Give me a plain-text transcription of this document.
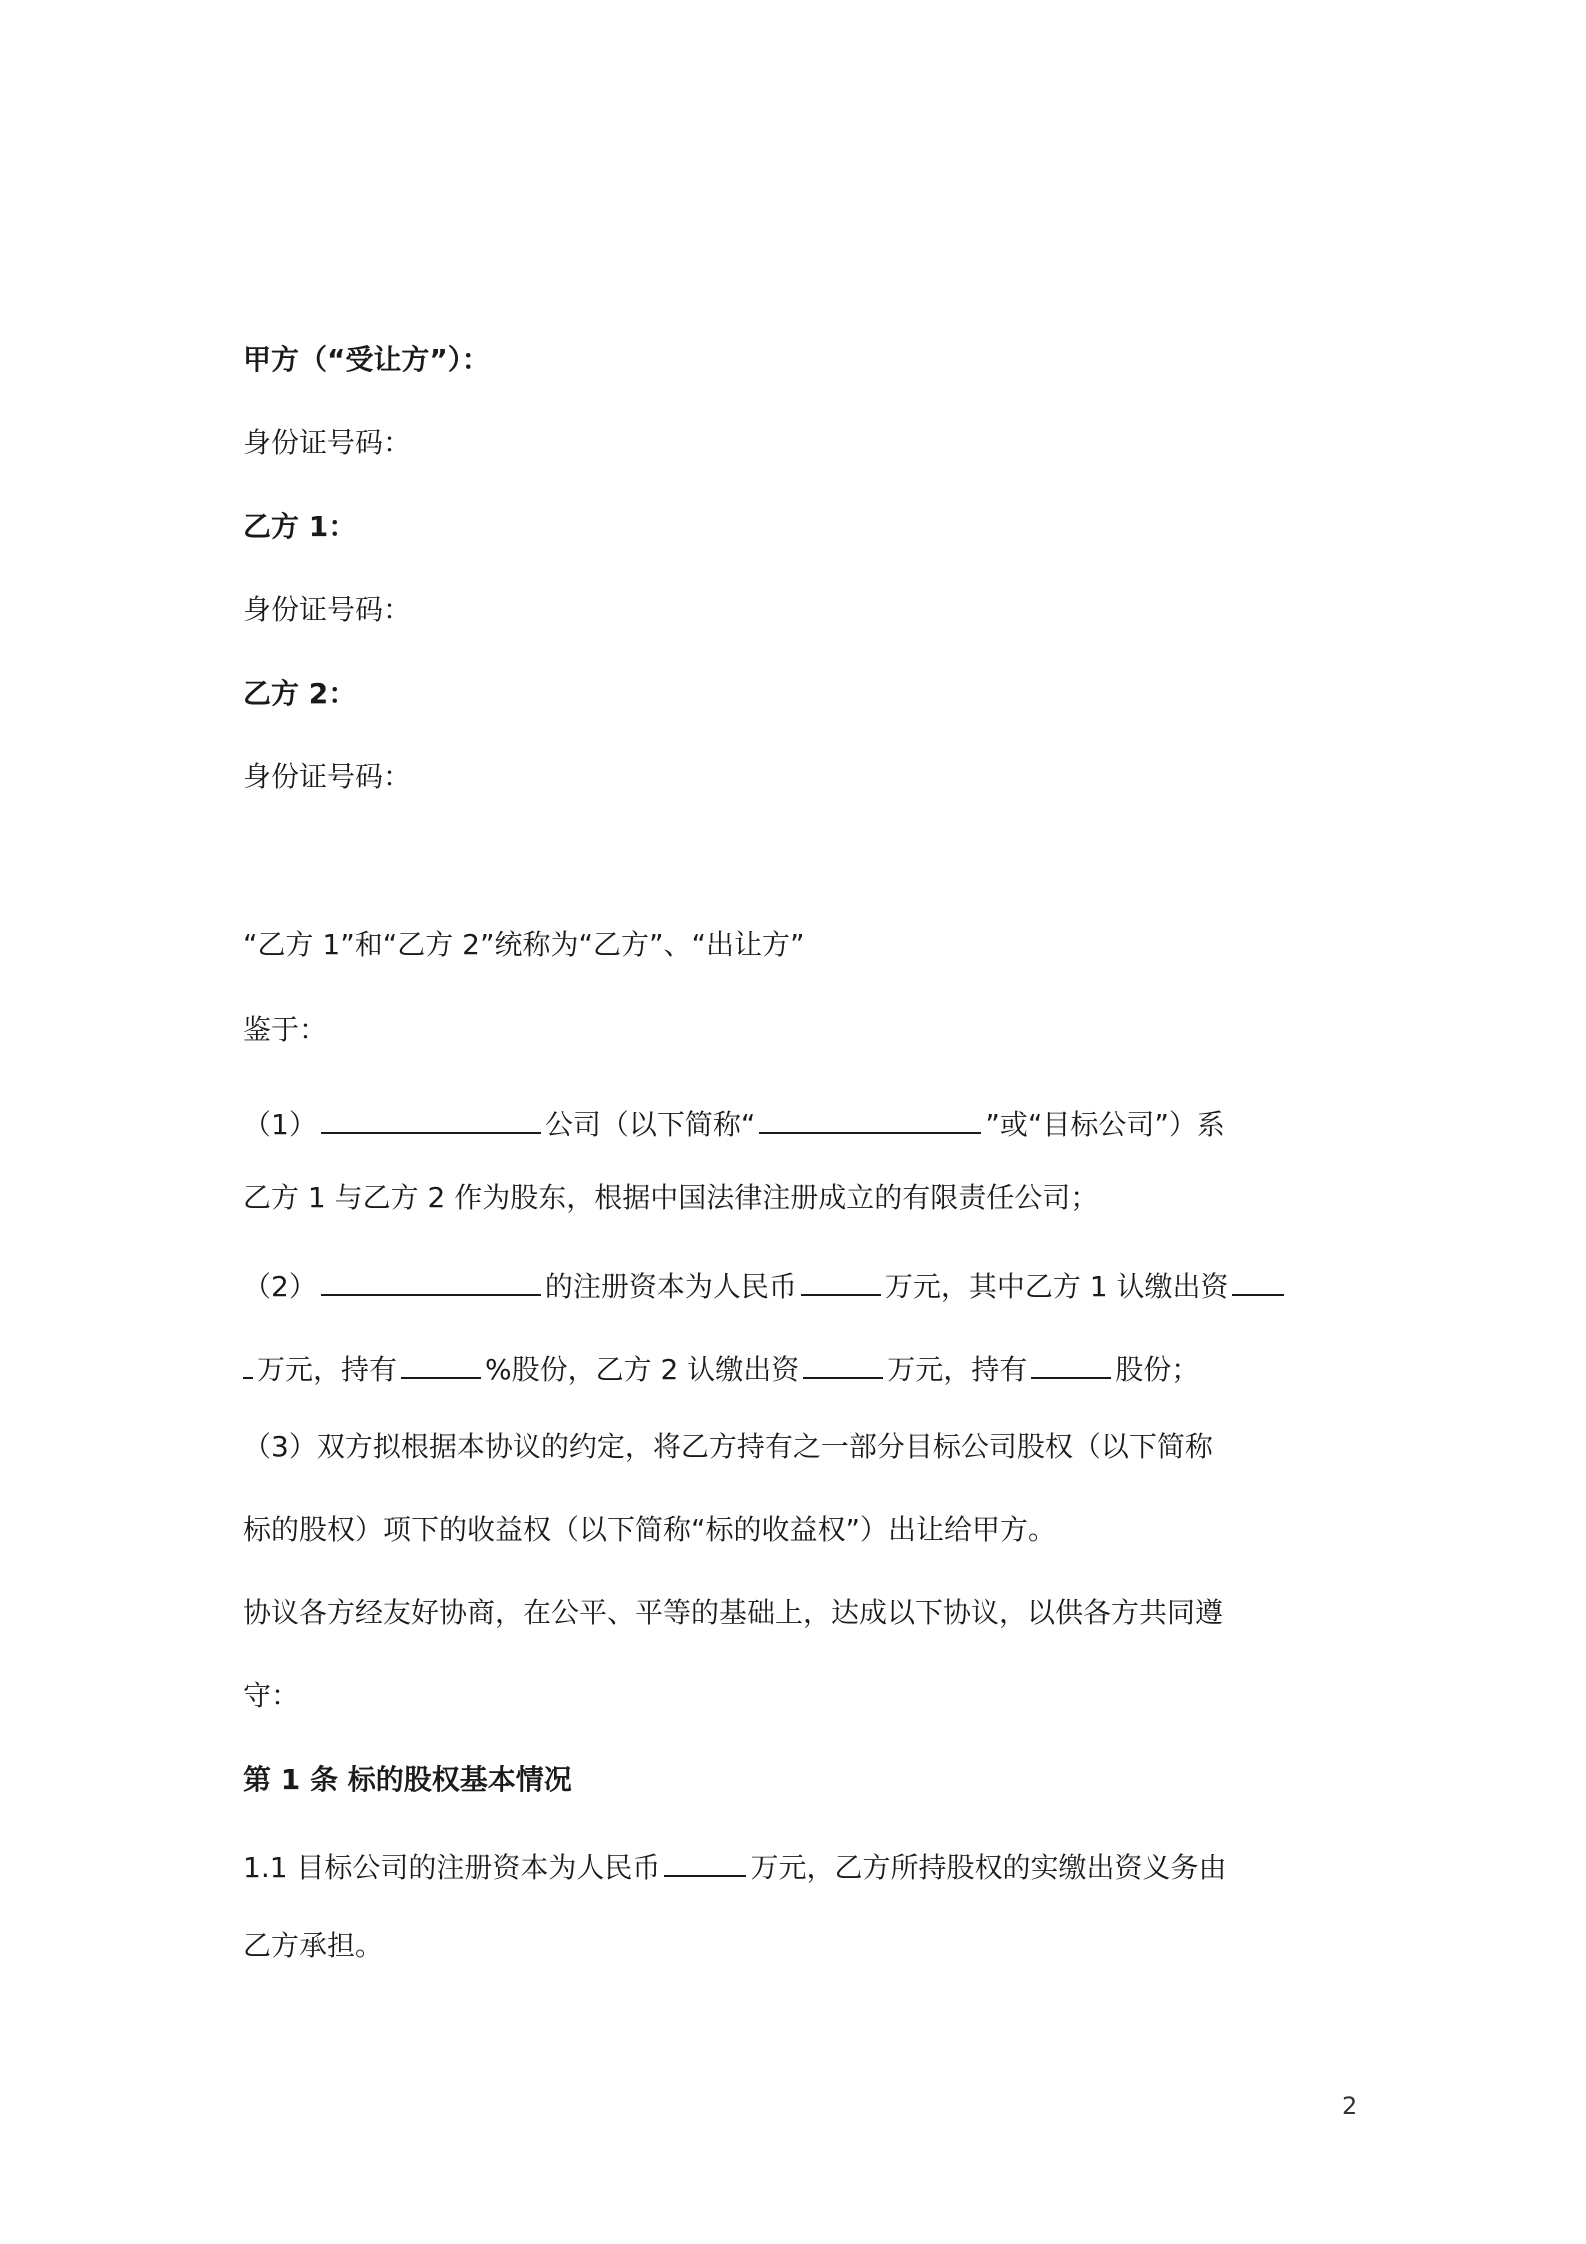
甲方（“受让方”）：
身份证号码：
乙方 1：
身份证号码：
乙方 2：
身份证号码：
“乙方 1”和“乙方 2”统称为“乙方”、“出让方”
鉴于：
（1）	公司（以下简称“	”或“目标公司”）系
乙方 1 与乙方 2 作为股东，根据中国法律注册成立的有限责任公司；
（2）	的注册资本为人民币	万元，其中乙方 1 认缴出资
万元，持有	%股份，乙方 2 认缴出资	万元，持有	股份；
（3）双方拟根据本协议的约定，将乙方持有之一部分目标公司股权（以下简称
标的股权）项下的收益权（以下简称“标的收益权”）出让给甲方。
协议各方经友好协商，在公平、平等的基础上，达成以下协议，以供各方共同遵
守：
第 1 条 标的股权基本情况
1.1 目标公司的注册资本为人民币	万元，乙方所持股权的实缴出资义务由
乙方承担。
2
